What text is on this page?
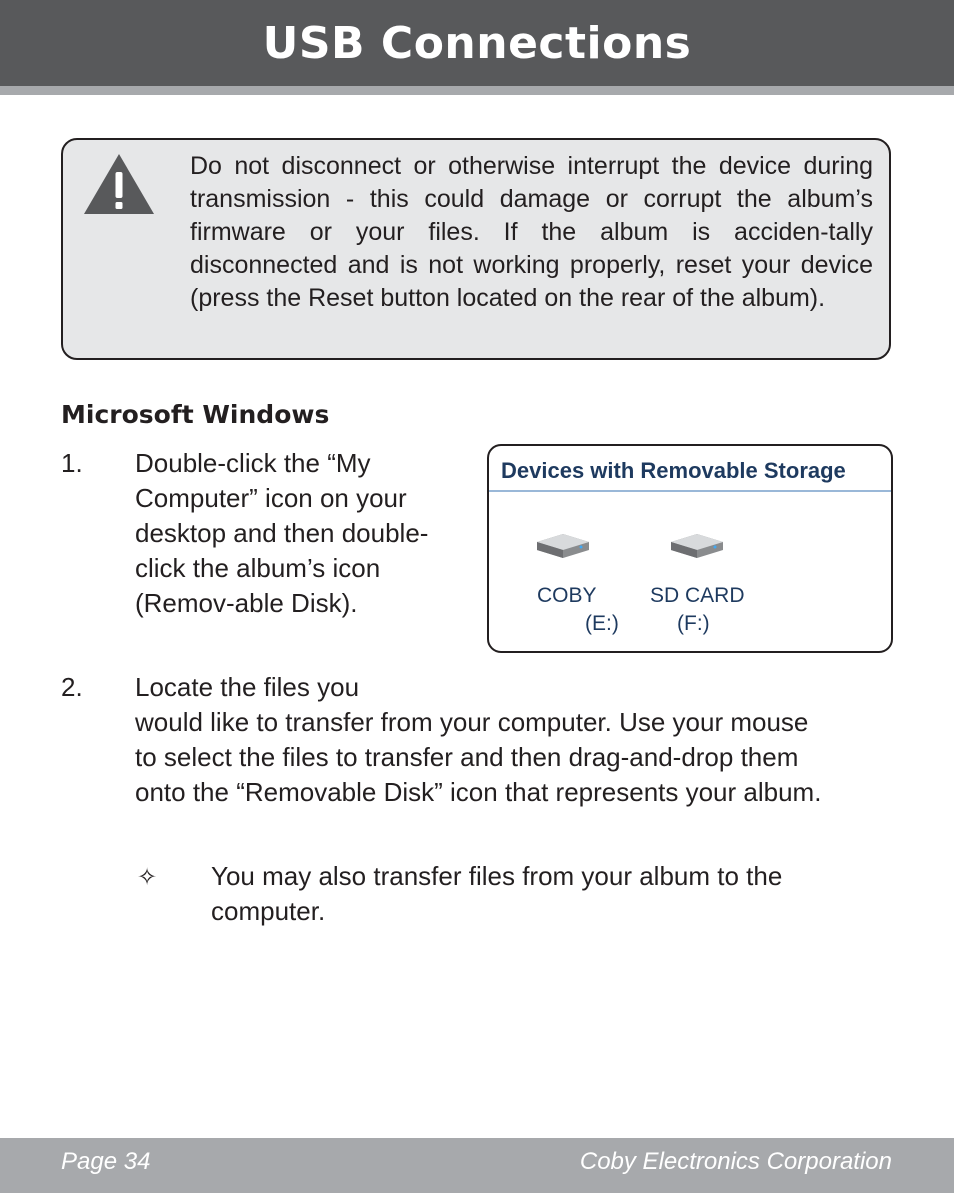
USB Connections

Do not disconnect or otherwise interrupt the device during transmission - this could damage or corrupt the album’s firmware or your files. If the album is acciden-tally disconnected and is not working properly, reset your device (press the Reset button located on the rear of the album).

Microsoft Windows
1. Double-click the “My Computer” icon on your desktop and then double-click the album’s icon (Remov-able Disk).

Devices with Removable Storage
COBY
(E:)
SD CARD
(F:)
2. Locate the files you

would like to transfer from your computer. Use your mouse to select the files to transfer and then drag-and-drop them onto the “Removable Disk” icon that represents your album.

✧ You may also transfer files from your album to the computer.

Page 34	Coby Electronics Corporation
